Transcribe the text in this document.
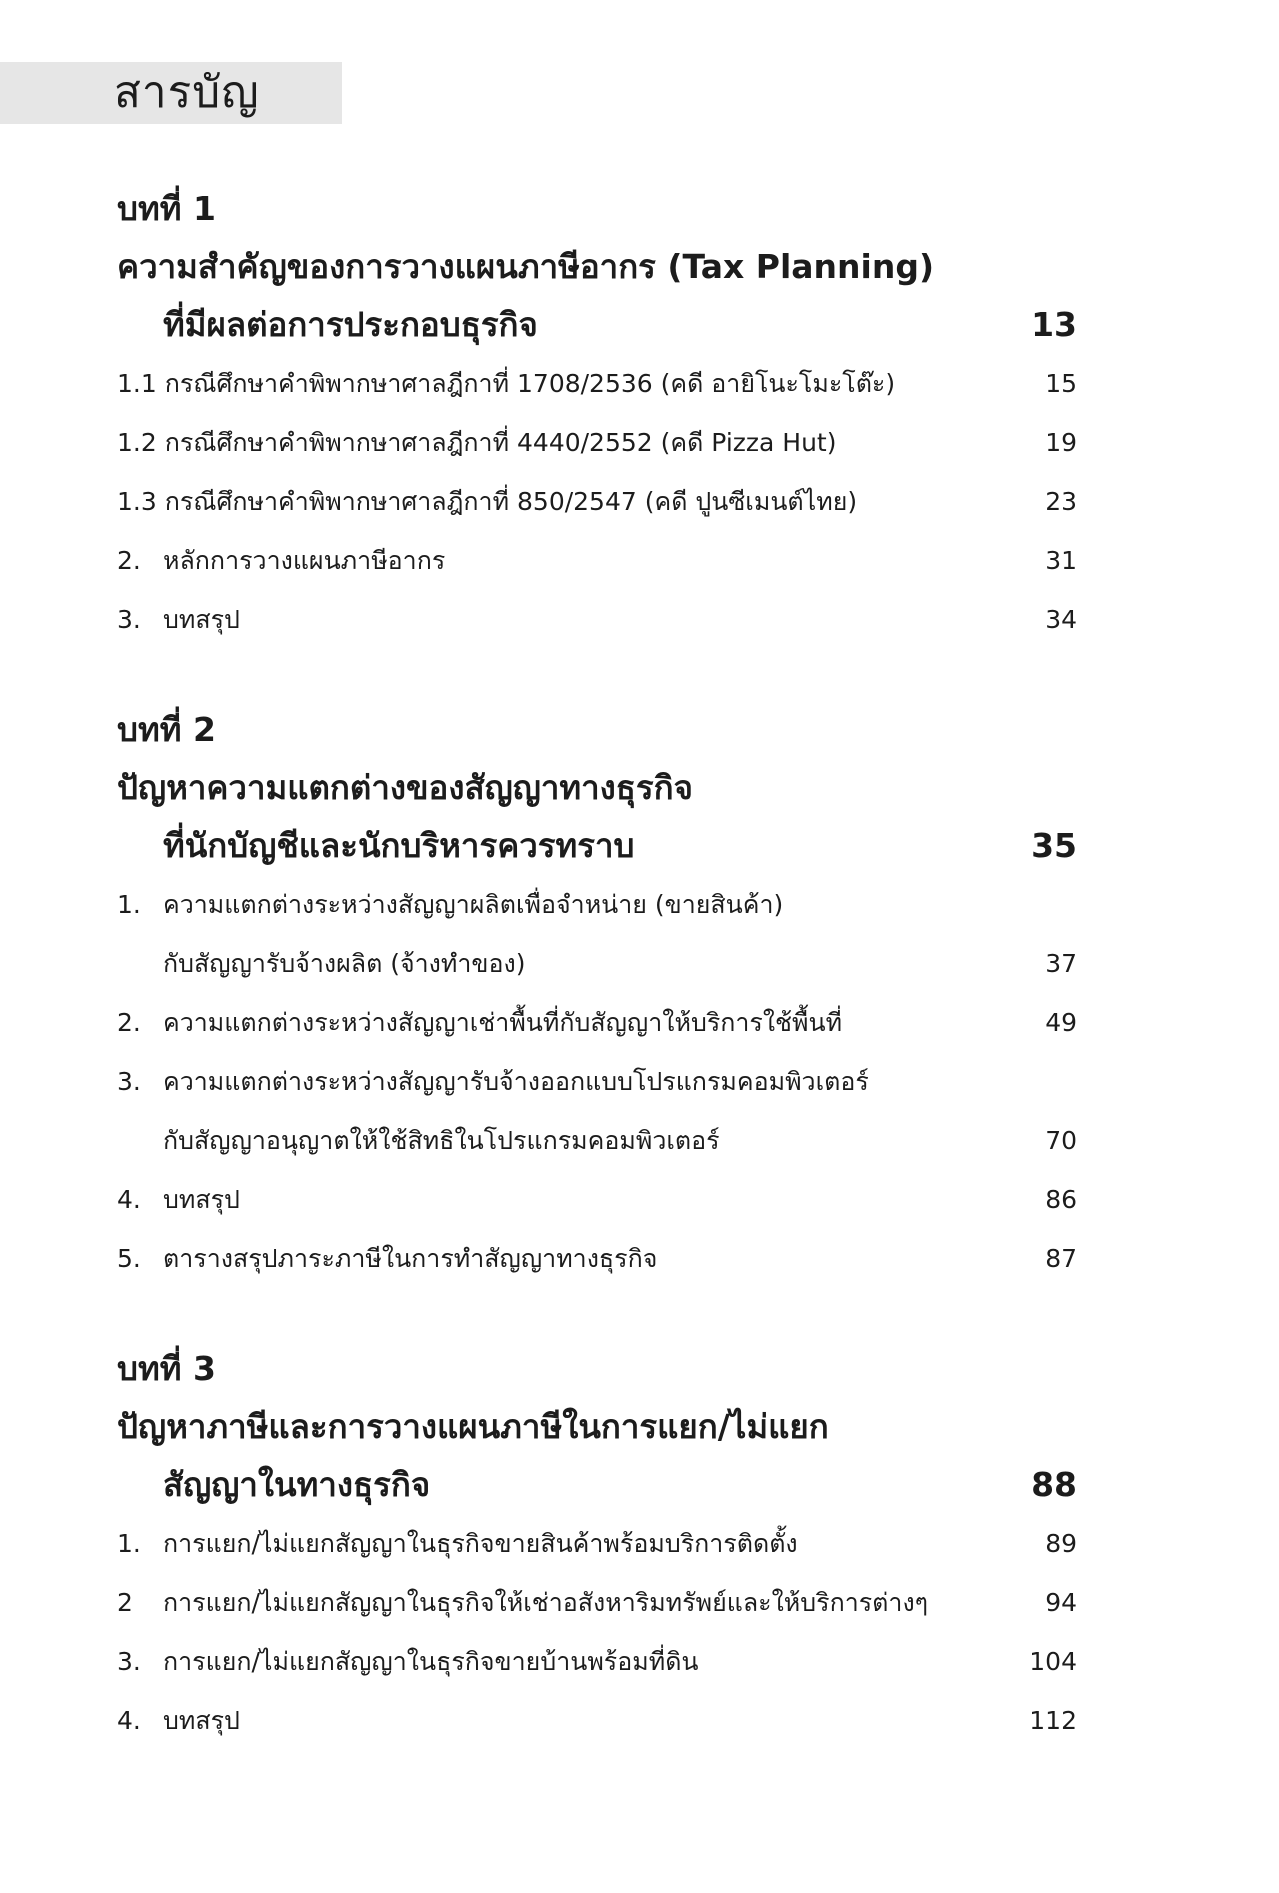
สารบัญ
บทที่ 1
ความสำคัญของการวางแผนภาษีอากร (Tax Planning)
ที่มีผลต่อการประกอบธุรกิจ	13
1.1 กรณีศึกษาคำพิพากษาศาลฎีกาที่ 1708/2536 (คดี อายิโนะโมะโต๊ะ)	15
1.2 กรณีศึกษาคำพิพากษาศาลฎีกาที่ 4440/2552 (คดี Pizza Hut)	19
1.3 กรณีศึกษาคำพิพากษาศาลฎีกาที่ 850/2547 (คดี ปูนซีเมนต์ไทย)	23
2. หลักการวางแผนภาษีอากร	31
3. บทสรุป	34
บทที่ 2
ปัญหาความแตกต่างของสัญญาทางธุรกิจ
ที่นักบัญชีและนักบริหารควรทราบ	35
1. ความแตกต่างระหว่างสัญญาผลิตเพื่อจำหน่าย (ขายสินค้า)
กับสัญญารับจ้างผลิต (จ้างทำของ)	37
2. ความแตกต่างระหว่างสัญญาเช่าพื้นที่กับสัญญาให้บริการใช้พื้นที่	49
3. ความแตกต่างระหว่างสัญญารับจ้างออกแบบโปรแกรมคอมพิวเตอร์
กับสัญญาอนุญาตให้ใช้สิทธิในโปรแกรมคอมพิวเตอร์	70
4. บทสรุป	86
5. ตารางสรุปภาระภาษีในการทำสัญญาทางธุรกิจ	87
บทที่ 3
ปัญหาภาษีและการวางแผนภาษีในการแยก/ไม่แยก
สัญญาในทางธุรกิจ	88
1. การแยก/ไม่แยกสัญญาในธุรกิจขายสินค้าพร้อมบริการติดตั้ง	89
2 การแยก/ไม่แยกสัญญาในธุรกิจให้เช่าอสังหาริมทรัพย์และให้บริการต่างๆ	94
3. การแยก/ไม่แยกสัญญาในธุรกิจขายบ้านพร้อมที่ดิน	104
4. บทสรุป	112
